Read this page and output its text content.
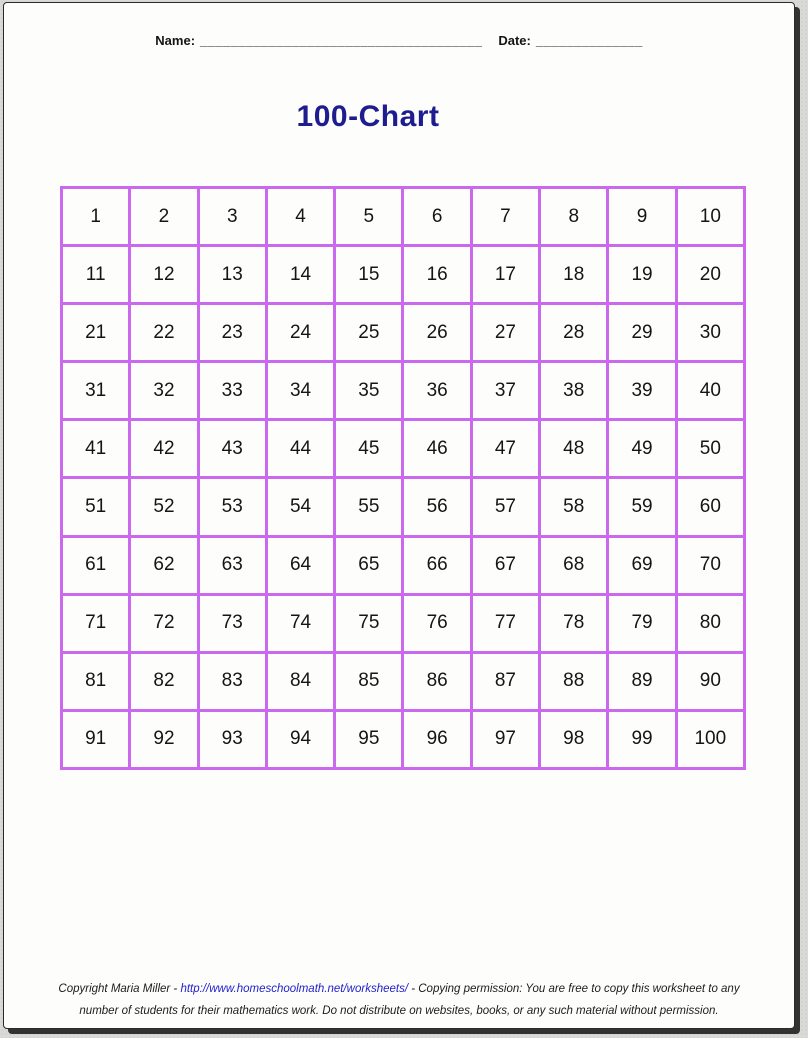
Name: _____________________________________ Date: ______________
100-Chart
1	2	3	4	5	6	7	8	9	10
11	12	13	14	15	16	17	18	19	20
21	22	23	24	25	26	27	28	29	30
31	32	33	34	35	36	37	38	39	40
41	42	43	44	45	46	47	48	49	50
51	52	53	54	55	56	57	58	59	60
61	62	63	64	65	66	67	68	69	70
71	72	73	74	75	76	77	78	79	80
81	82	83	84	85	86	87	88	89	90
91	92	93	94	95	96	97	98	99	100
Copyright Maria Miller - http://www.homeschoolmath.net/worksheets/ - Copying permission: You are free to copy this worksheet to any
number of students for their mathematics work. Do not distribute on websites, books, or any such material without permission.
